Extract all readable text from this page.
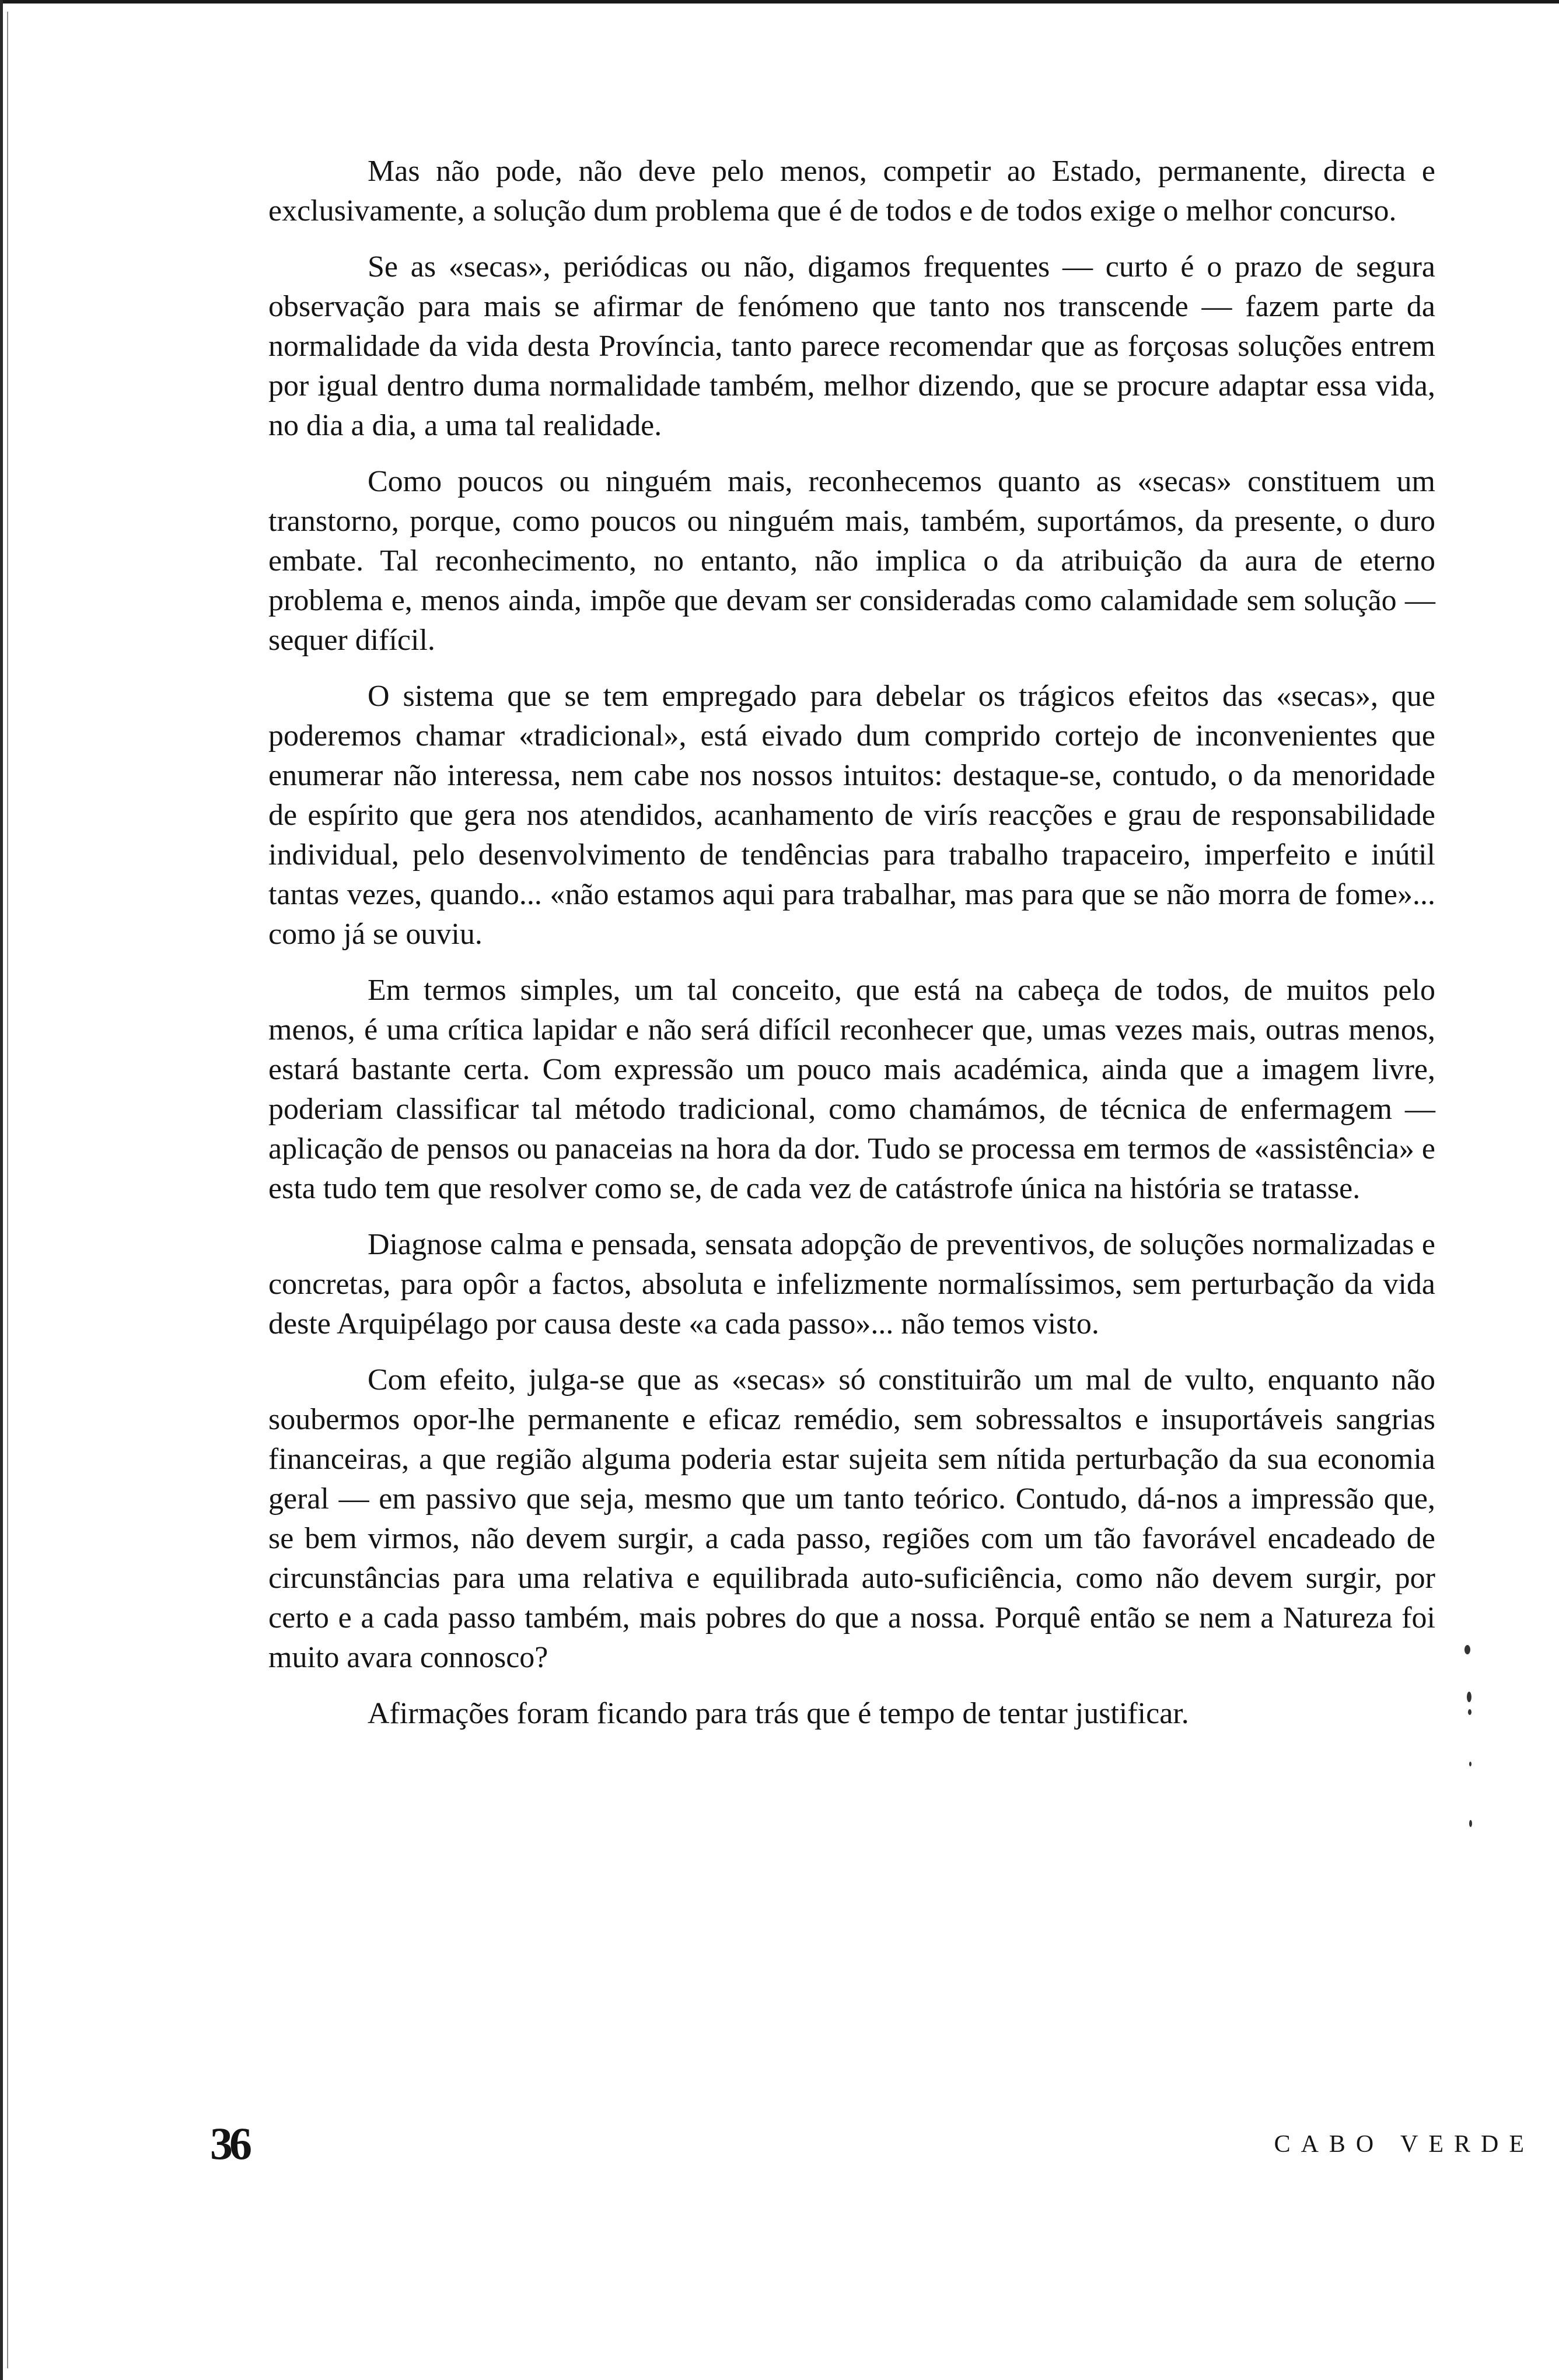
Mas não pode, não deve pelo menos, competir ao Estado, permanente, directa e exclusivamente, a solução dum problema que é de todos e de todos exige o melhor concurso.

Se as «secas», periódicas ou não, digamos frequentes — curto é o prazo de segura observação para mais se afirmar de fenómeno que tanto nos transcende — fazem parte da normalidade da vida desta Província, tanto parece recomendar que as forçosas soluções entrem por igual dentro duma normalidade também, melhor dizendo, que se procure adaptar essa vida, no dia a dia, a uma tal realidade.

Como poucos ou ninguém mais, reconhecemos quanto as «secas» constituem um transtorno, porque, como poucos ou ninguém mais, também, suportámos, da presente, o duro embate. Tal reconhecimento, no entanto, não implica o da atribuição da aura de eterno problema e, menos ainda, impõe que devam ser consideradas como calamidade sem solução — sequer difícil.

O sistema que se tem empregado para debelar os trágicos efeitos das «secas», que poderemos chamar «tradicional», está eivado dum comprido cortejo de inconvenientes que enumerar não interessa, nem cabe nos nossos intuitos: destaque-se, contudo, o da menoridade de espírito que gera nos atendidos, acanhamento de virís reacções e grau de responsabilidade individual, pelo desenvolvimento de tendências para trabalho trapaceiro, imperfeito e inútil tantas vezes, quando... «não estamos aqui para trabalhar, mas para que se não morra de fome»... como já se ouviu.

Em termos simples, um tal conceito, que está na cabeça de todos, de muitos pelo menos, é uma crítica lapidar e não será difícil reconhecer que, umas vezes mais, outras menos, estará bastante certa. Com expressão um pouco mais académica, ainda que a imagem livre, poderiam classificar tal método tradicional, como chamámos, de técnica de enfermagem — aplicação de pensos ou panaceias na hora da dor. Tudo se processa em termos de «assistência» e esta tudo tem que resolver como se, de cada vez de catástrofe única na história se tratasse.

Diagnose calma e pensada, sensata adopção de preventivos, de soluções normalizadas e concretas, para opôr a factos, absoluta e infelizmente normalíssimos, sem perturbação da vida deste Arquipélago por causa deste «a cada passo»... não temos visto.

Com efeito, julga-se que as «secas» só constituirão um mal de vulto, enquanto não soubermos opor-lhe permanente e eficaz remédio, sem sobressaltos e insuportáveis sangrias financeiras, a que região alguma poderia estar sujeita sem nítida perturbação da sua economia geral — em passivo que seja, mesmo que um tanto teórico. Contudo, dá-nos a impressão que, se bem virmos, não devem surgir, a cada passo, regiões com um tão favorável encadeado de circunstâncias para uma relativa e equilibrada auto-suficiência, como não devem surgir, por certo e a cada passo também, mais pobres do que a nossa. Porquê então se nem a Natureza foi muito avara connosco?

Afirmações foram ficando para trás que é tempo de tentar justificar.

36	CABO VERDE
